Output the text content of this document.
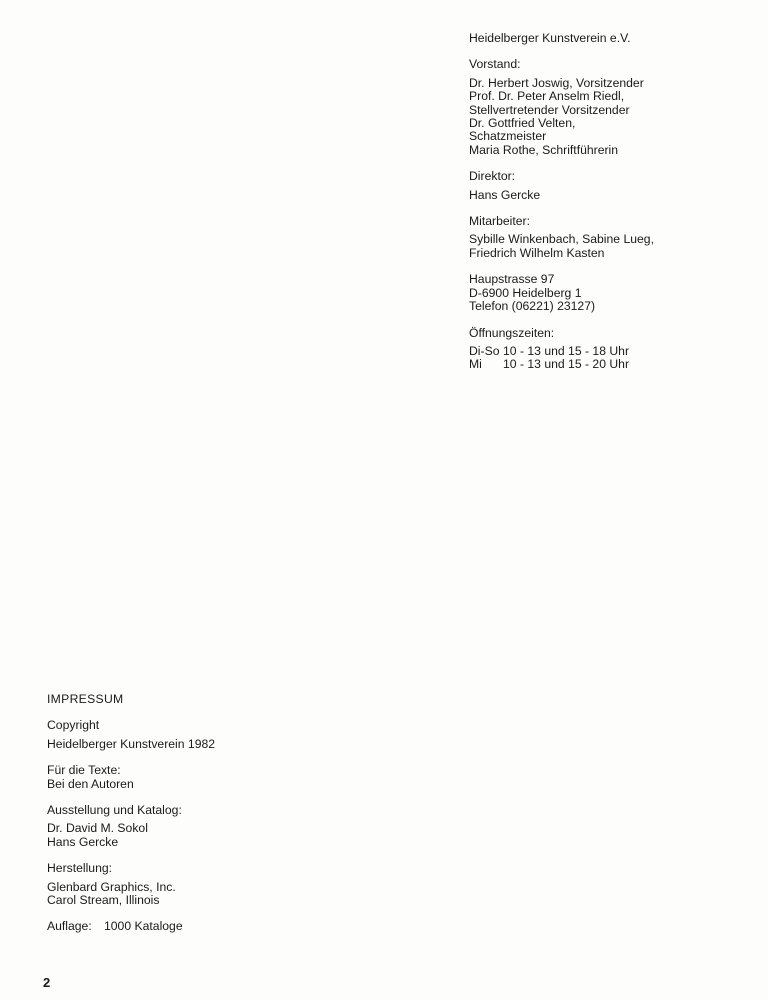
Heidelberger Kunstverein e.V.
Vorstand:
Dr. Herbert Joswig, Vorsitzender
Prof. Dr. Peter Anselm Riedl,
Stellvertretender Vorsitzender
Dr. Gottfried Velten,
Schatzmeister
Maria Rothe, Schriftführerin
Direktor:
Hans Gercke
Mitarbeiter:
Sybille Winkenbach, Sabine Lueg,
Friedrich Wilhelm Kasten
Haupstrasse 97
D-6900 Heidelberg 1
Telefon (06221) 23127)
Öffnungszeiten:
Di-So 10 - 13 und 15 - 18 Uhr
Mi	10 - 13 und 15 - 20 Uhr
IMPRESSUM
Copyright
Heidelberger Kunstverein 1982
Für die Texte:
Bei den Autoren
Ausstellung und Katalog:
Dr. David M. Sokol
Hans Gercke
Herstellung:
Glenbard Graphics, Inc.
Carol Stream, Illinois
Auflage:	1000 Kataloge
2
